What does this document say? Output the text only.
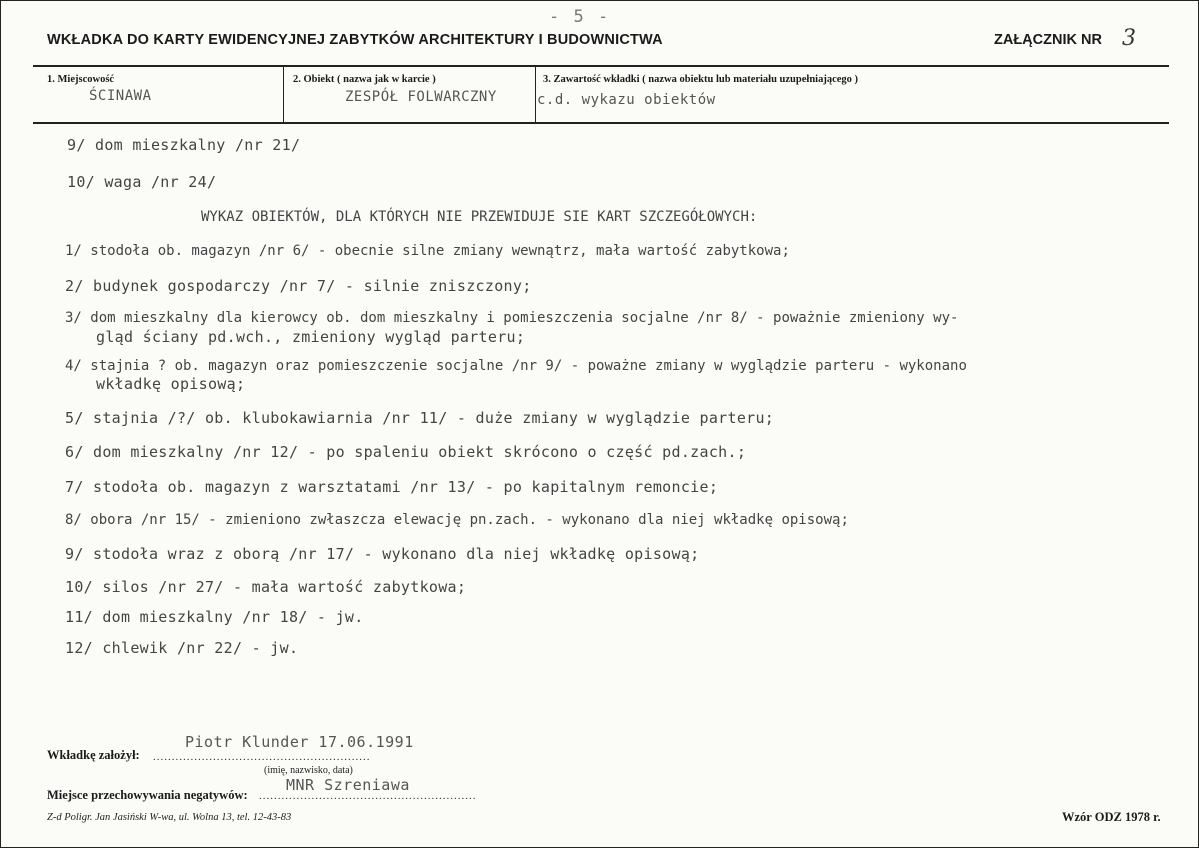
- 5 -
WKŁADKA DO KARTY EWIDENCYJNEJ ZABYTKÓW ARCHITEKTURY I BUDOWNICTWA	ZAŁĄCZNIK NR 3
1. Miejscowość
ŚCINAWA
2. Obiekt ( nazwa jak w karcie )
ZESPÓŁ FOLWARCZNY
3. Zawartość wkładki ( nazwa obiektu lub materiału uzupełniającego )
c.d. wykazu obiektów
9/ dom mieszkalny /nr 21/
10/ waga /nr 24/
WYKAZ OBIEKTÓW, DLA KTÓRYCH NIE PRZEWIDUJE SIE KART SZCZEGÓŁOWYCH:
1/ stodoła ob. magazyn /nr 6/ - obecnie silne zmiany wewnątrz, mała wartość zabytkowa;
2/ budynek gospodarczy /nr 7/ - silnie zniszczony;
3/ dom mieszkalny dla kierowcy ob. dom mieszkalny i pomieszczenia socjalne /nr 8/ - poważnie zmieniony wy-
gląd ściany pd.wch., zmieniony wygląd parteru;
4/ stajnia ? ob. magazyn oraz pomieszczenie socjalne /nr 9/ - poważne zmiany w wyglądzie parteru - wykonano
wkładkę opisową;
5/ stajnia /?/ ob. klubokawiarnia /nr 11/ - duże zmiany w wyglądzie parteru;
6/ dom mieszkalny /nr 12/ - po spaleniu obiekt skrócono o część pd.zach.;
7/ stodoła ob. magazyn z warsztatami /nr 13/ - po kapitalnym remoncie;
8/ obora /nr 15/ - zmieniono zwłaszcza elewację pn.zach. - wykonano dla niej wkładkę opisową;
9/ stodoła wraz z oborą /nr 17/ - wykonano dla niej wkładkę opisową;
10/ silos /nr 27/ - mała wartość zabytkowa;
11/ dom mieszkalny /nr 18/ - jw.
12/ chlewik /nr 22/ - jw.
Piotr Klunder 17.06.1991
Wkładkę założył: ..........................................................
(imię, nazwisko, data)
MNR Szreniawa
Miejsce przechowywania negatywów: ..........................................................
Z-d Poligr. Jan Jasiński W-wa, ul. Wolna 13, tel. 12-43-83	Wzór ODZ 1978 r.
